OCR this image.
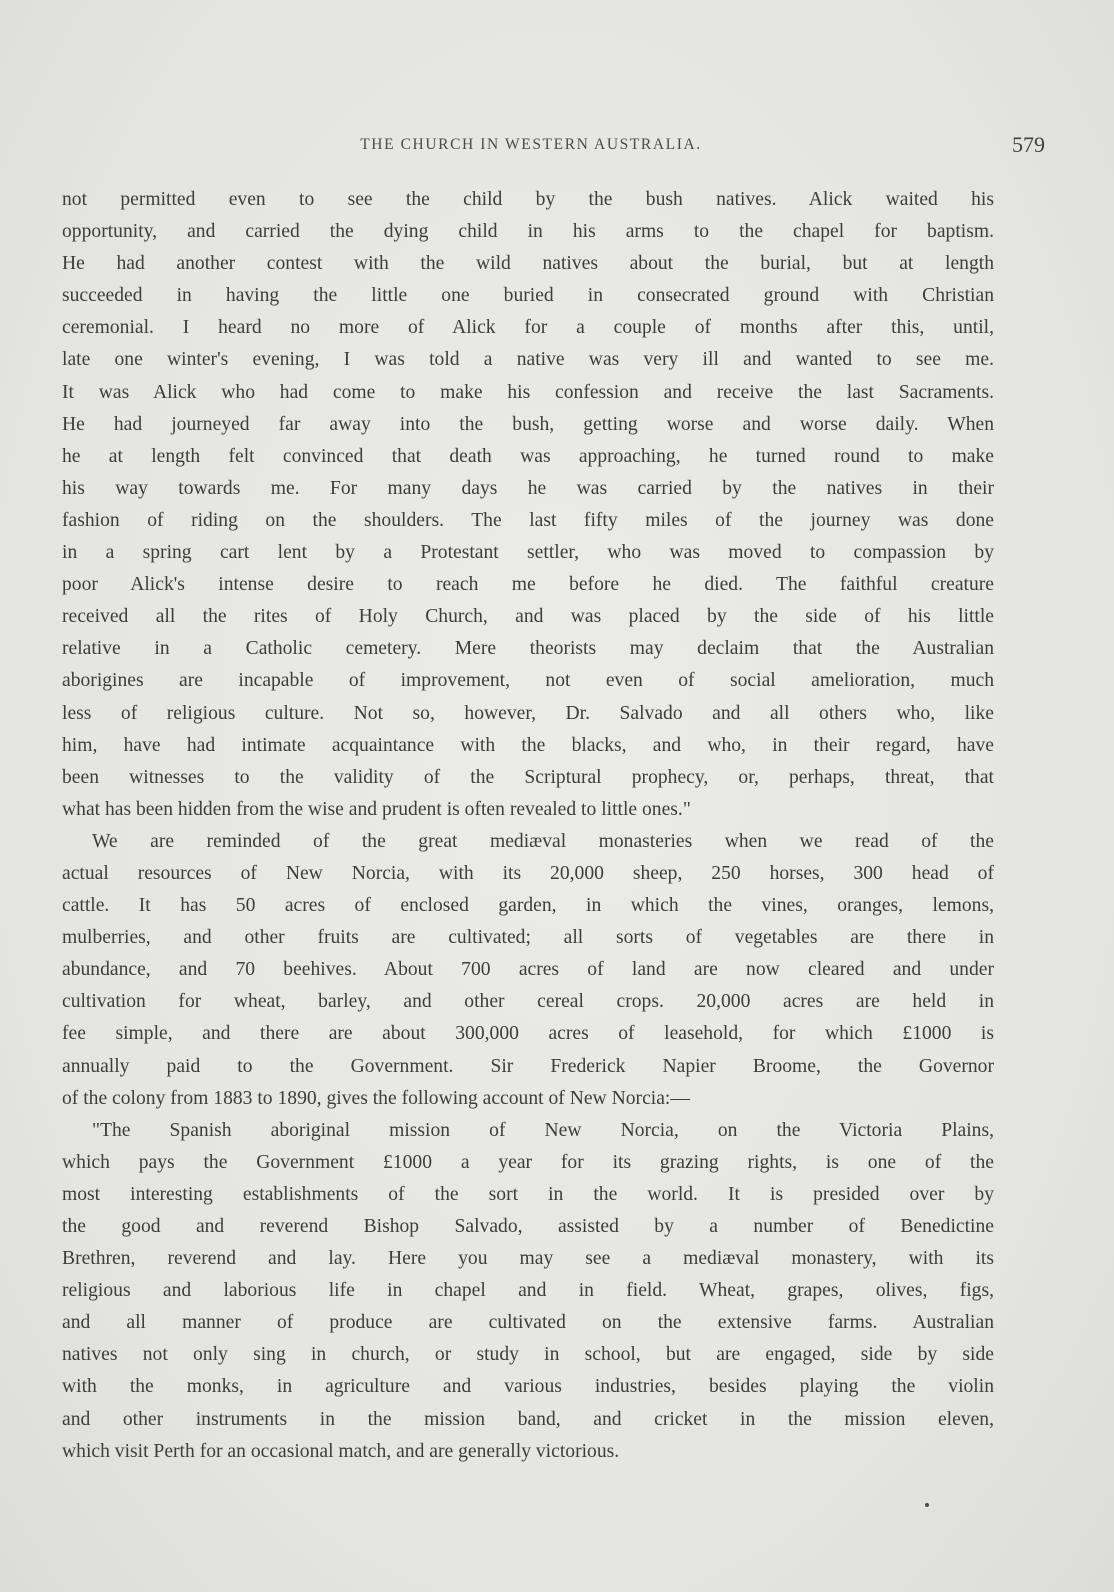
THE CHURCH IN WESTERN AUSTRALIA.	579
not permitted even to see the child by the bush natives. Alick waited his
opportunity, and carried the dying child in his arms to the chapel for baptism.
He had another contest with the wild natives about the burial, but at length
succeeded in having the little one buried in consecrated ground with Christian
ceremonial. I heard no more of Alick for a couple of months after this, until,
late one winter's evening, I was told a native was very ill and wanted to see me.
It was Alick who had come to make his confession and receive the last Sacraments.
He had journeyed far away into the bush, getting worse and worse daily. When
he at length felt convinced that death was approaching, he turned round to make
his way towards me. For many days he was carried by the natives in their
fashion of riding on the shoulders. The last fifty miles of the journey was done
in a spring cart lent by a Protestant settler, who was moved to compassion by
poor Alick's intense desire to reach me before he died. The faithful creature
received all the rites of Holy Church, and was placed by the side of his little
relative in a Catholic cemetery. Mere theorists may declaim that the Australian
aborigines are incapable of improvement, not even of social amelioration, much
less of religious culture. Not so, however, Dr. Salvado and all others who, like
him, have had intimate acquaintance with the blacks, and who, in their regard, have
been witnesses to the validity of the Scriptural prophecy, or, perhaps, threat, that
what has been hidden from the wise and prudent is often revealed to little ones."
We are reminded of the great mediæval monasteries when we read of the
actual resources of New Norcia, with its 20,000 sheep, 250 horses, 300 head of
cattle. It has 50 acres of enclosed garden, in which the vines, oranges, lemons,
mulberries, and other fruits are cultivated; all sorts of vegetables are there in
abundance, and 70 beehives. About 700 acres of land are now cleared and under
cultivation for wheat, barley, and other cereal crops. 20,000 acres are held in
fee simple, and there are about 300,000 acres of leasehold, for which £1000 is
annually paid to the Government. Sir Frederick Napier Broome, the Governor
of the colony from 1883 to 1890, gives the following account of New Norcia:—
"The Spanish aboriginal mission of New Norcia, on the Victoria Plains,
which pays the Government £1000 a year for its grazing rights, is one of the
most interesting establishments of the sort in the world. It is presided over by
the good and reverend Bishop Salvado, assisted by a number of Benedictine
Brethren, reverend and lay. Here you may see a mediæval monastery, with its
religious and laborious life in chapel and in field. Wheat, grapes, olives, figs,
and all manner of produce are cultivated on the extensive farms. Australian
natives not only sing in church, or study in school, but are engaged, side by side
with the monks, in agriculture and various industries, besides playing the violin
and other instruments in the mission band, and cricket in the mission eleven,
which visit Perth for an occasional match, and are generally victorious.
